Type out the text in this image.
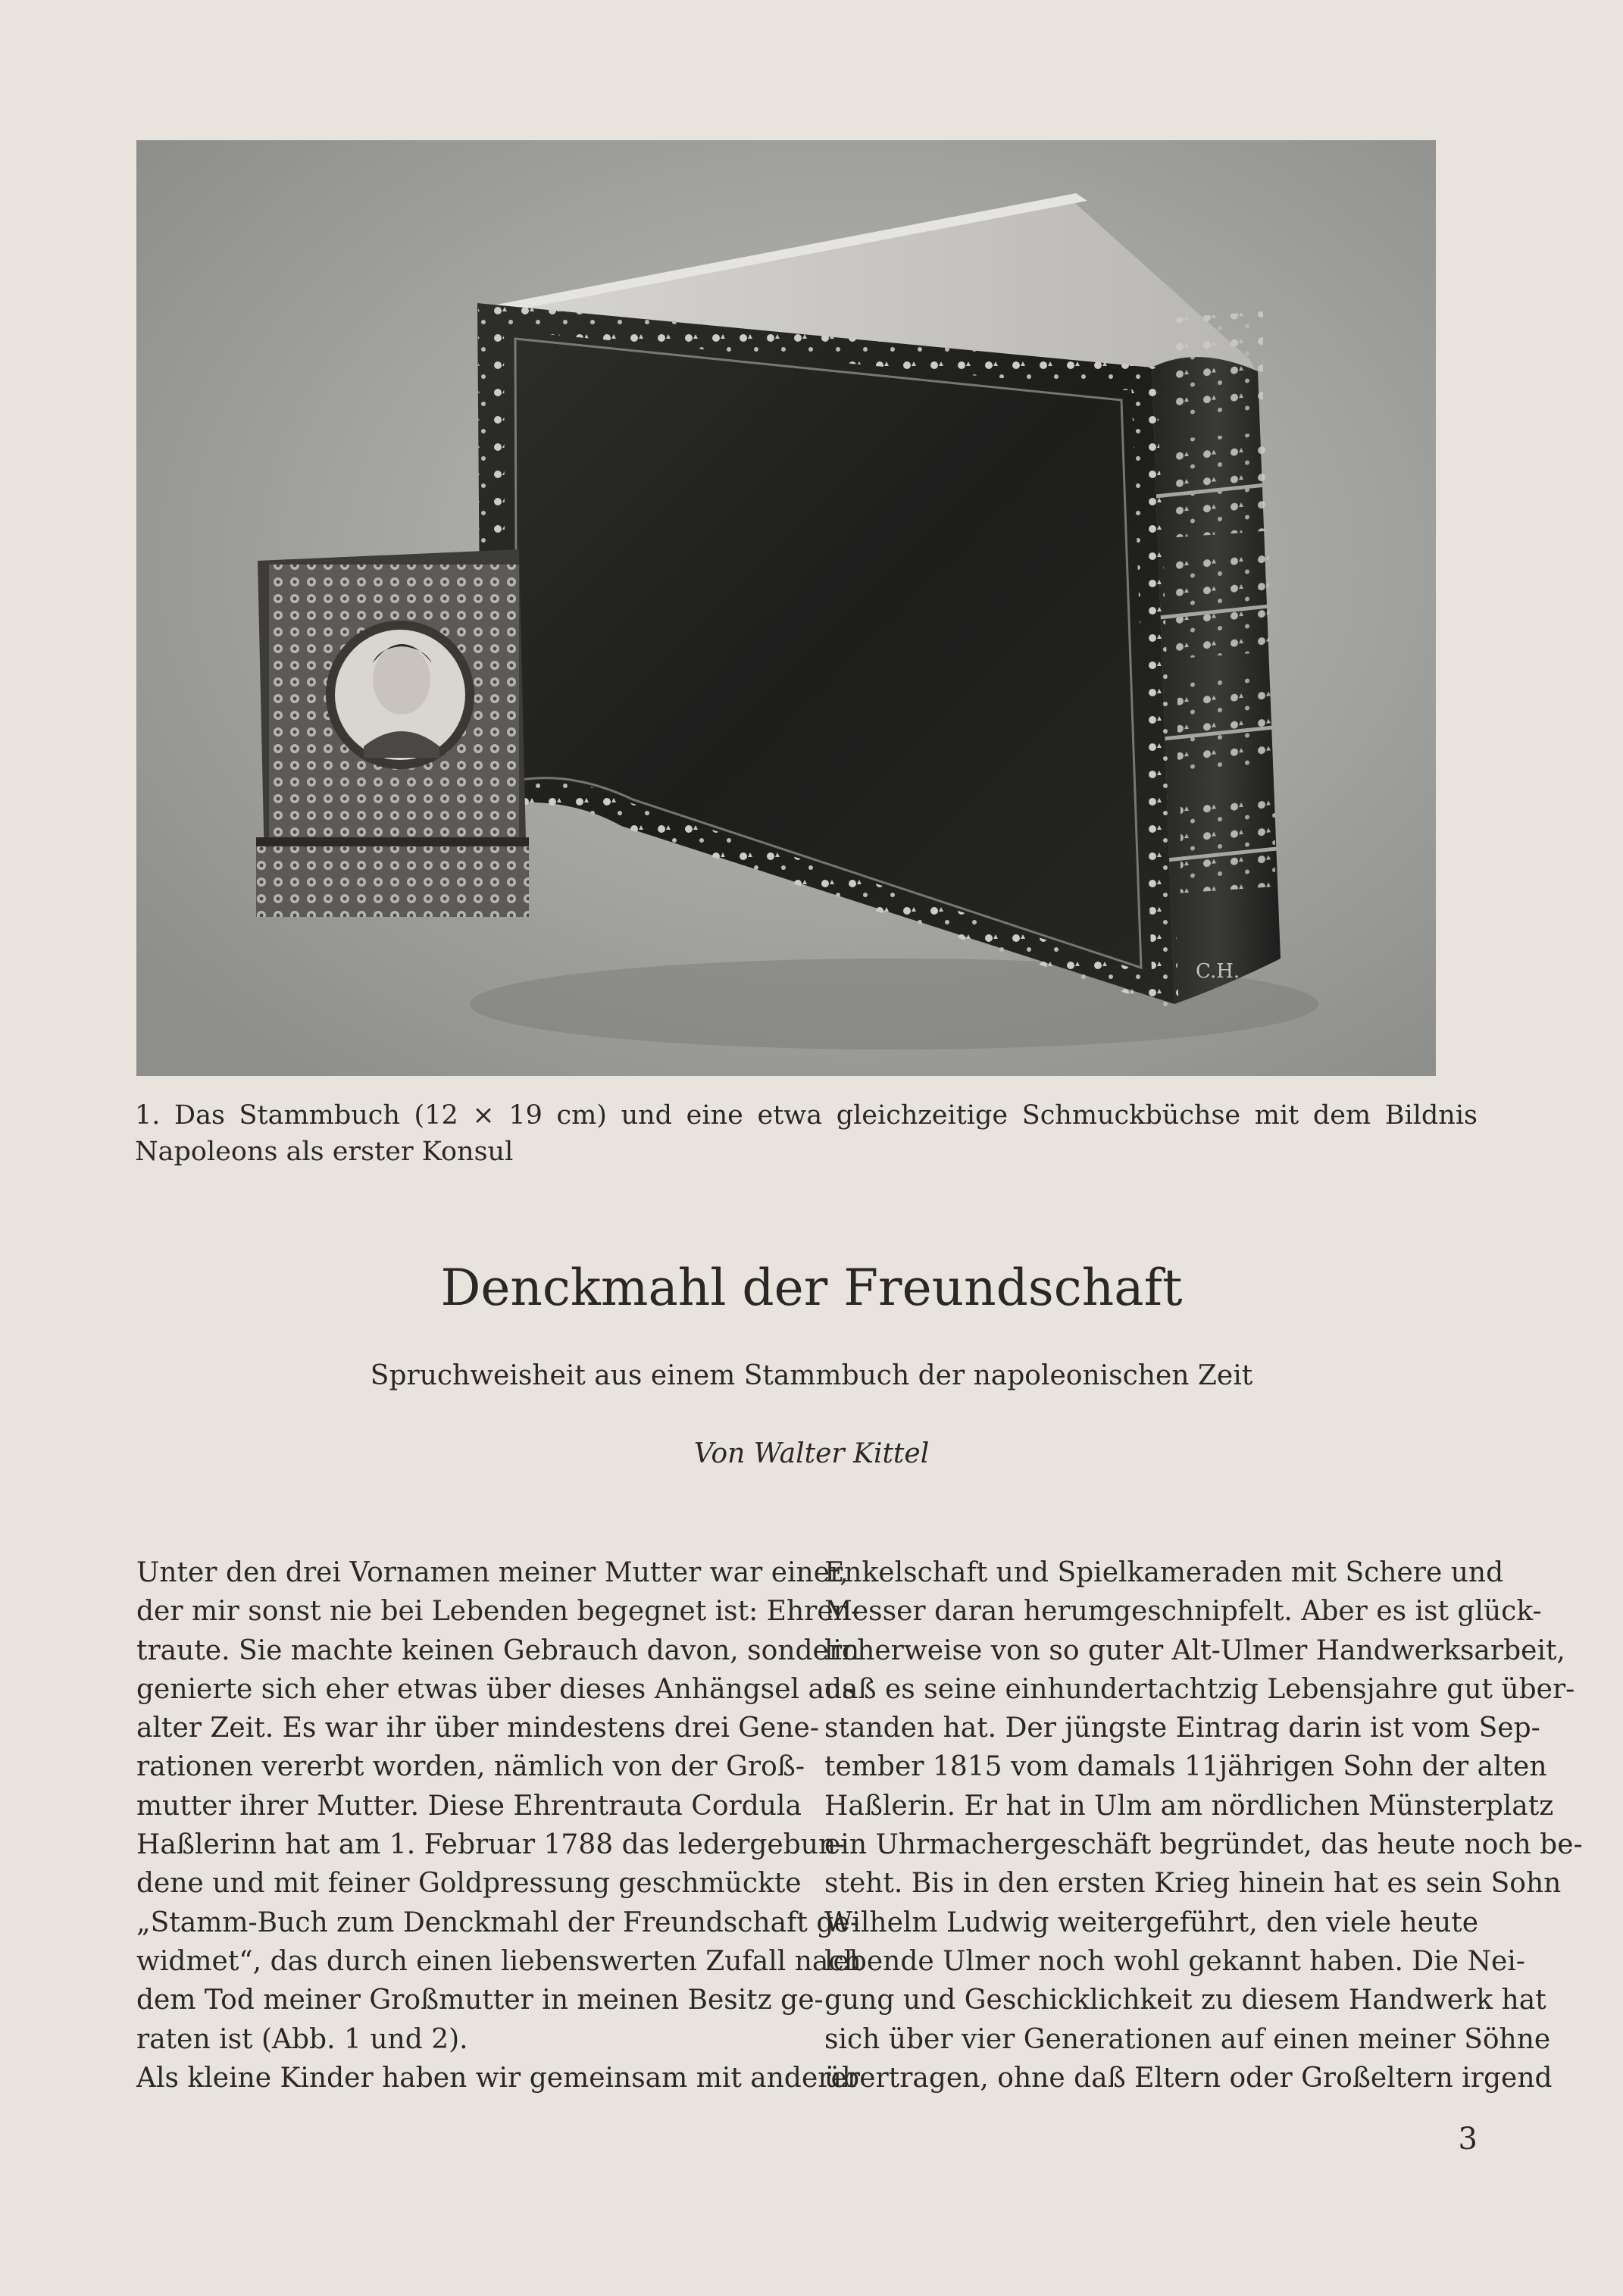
C.H.

1. Das Stammbuch (12 × 19 cm) und eine etwa gleichzeitige Schmuckbüchse mit dem Bildnis Napoleons als erster Konsul

Denckmahl der Freundschaft

Spruchweisheit aus einem Stammbuch der napoleonischen Zeit

Von Walter Kittel

Unter den drei Vornamen meiner Mutter war einer,
der mir sonst nie bei Lebenden begegnet ist: Ehren-
traute. Sie machte keinen Gebrauch davon, sondern
genierte sich eher etwas über dieses Anhängsel aus
alter Zeit. Es war ihr über mindestens drei Gene-
rationen vererbt worden, nämlich von der Groß-
mutter ihrer Mutter. Diese Ehrentrauta Cordula
Haßlerinn hat am 1. Februar 1788 das ledergebun-
dene und mit feiner Goldpressung geschmückte
„Stamm-Buch zum Denckmahl der Freundschaft ge-
widmet“, das durch einen liebenswerten Zufall nach
dem Tod meiner Großmutter in meinen Besitz ge-
raten ist (Abb. 1 und 2).
Als kleine Kinder haben wir gemeinsam mit anderer
Enkelschaft und Spielkameraden mit Schere und
Messer daran herumgeschnipfelt. Aber es ist glück-
licherweise von so guter Alt-Ulmer Handwerksarbeit,
daß es seine einhundertachtzig Lebensjahre gut über-
standen hat. Der jüngste Eintrag darin ist vom Sep-
tember 1815 vom damals 11jährigen Sohn der alten
Haßlerin. Er hat in Ulm am nördlichen Münsterplatz
ein Uhrmachergeschäft begründet, das heute noch be-
steht. Bis in den ersten Krieg hinein hat es sein Sohn
Wilhelm Ludwig weitergeführt, den viele heute
lebende Ulmer noch wohl gekannt haben. Die Nei-
gung und Geschicklichkeit zu diesem Handwerk hat
sich über vier Generationen auf einen meiner Söhne
übertragen, ohne daß Eltern oder Großeltern irgend
3
